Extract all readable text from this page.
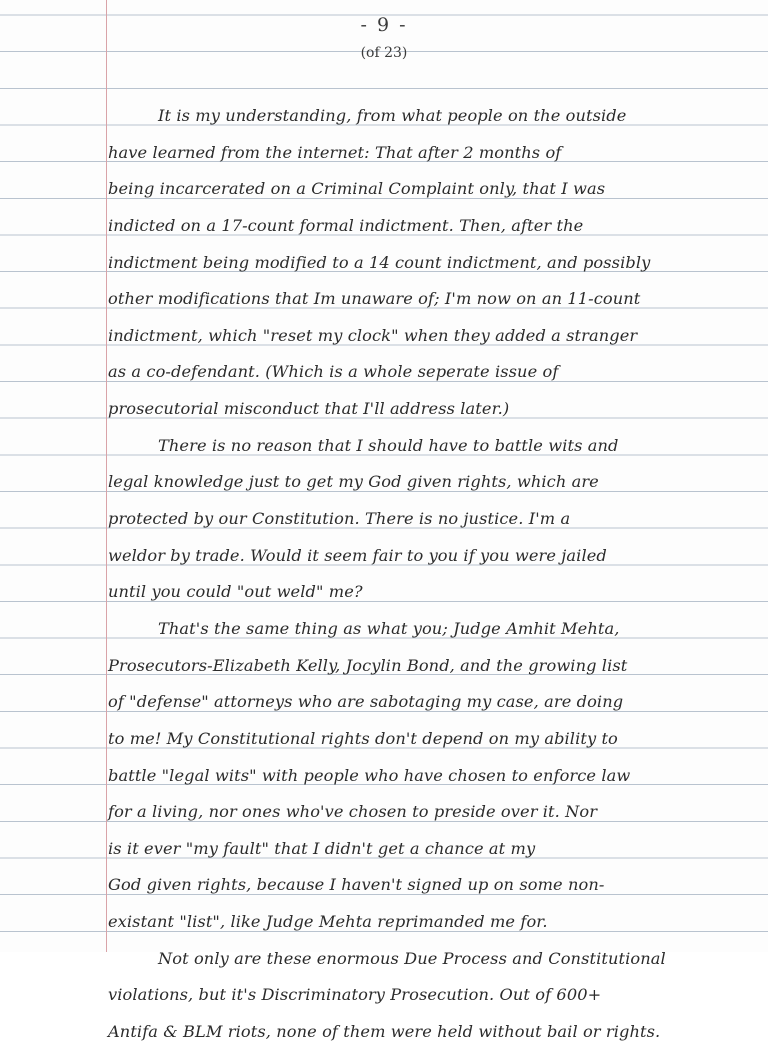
- 9 -
(of 23)
It is my understanding, from what people on the outside
have learned from the internet: That after 2 months of
being incarcerated on a Criminal Complaint only, that I was
indicted on a 17-count formal indictment. Then, after the
indictment being modified to a 14 count indictment, and possibly
other modifications that Im unaware of; I'm now on an 11-count
indictment, which "reset my clock" when they added a stranger
as a co-defendant. (Which is a whole seperate issue of
prosecutorial misconduct that I'll address later.)
There is no reason that I should have to battle wits and
legal knowledge just to get my God given rights, which are
protected by our Constitution. There is no justice. I'm a
weldor by trade. Would it seem fair to you if you were jailed
until you could "out weld" me?
That's the same thing as what you; Judge Amhit Mehta,
Prosecutors-Elizabeth Kelly, Jocylin Bond, and the growing list
of "defense" attorneys who are sabotaging my case, are doing
to me! My Constitutional rights don't depend on my ability to
battle "legal wits" with people who have chosen to enforce law
for a living, nor ones who've chosen to preside over it. Nor
is it ever "my fault" that I didn't get a chance at my
God given rights, because I haven't signed up on some non-
existant "list", like Judge Mehta reprimanded me for.
Not only are these enormous Due Process and Constitutional
violations, but it's Discriminatory Prosecution. Out of 600+
Antifa & BLM riots, none of them were held without bail or rights.
